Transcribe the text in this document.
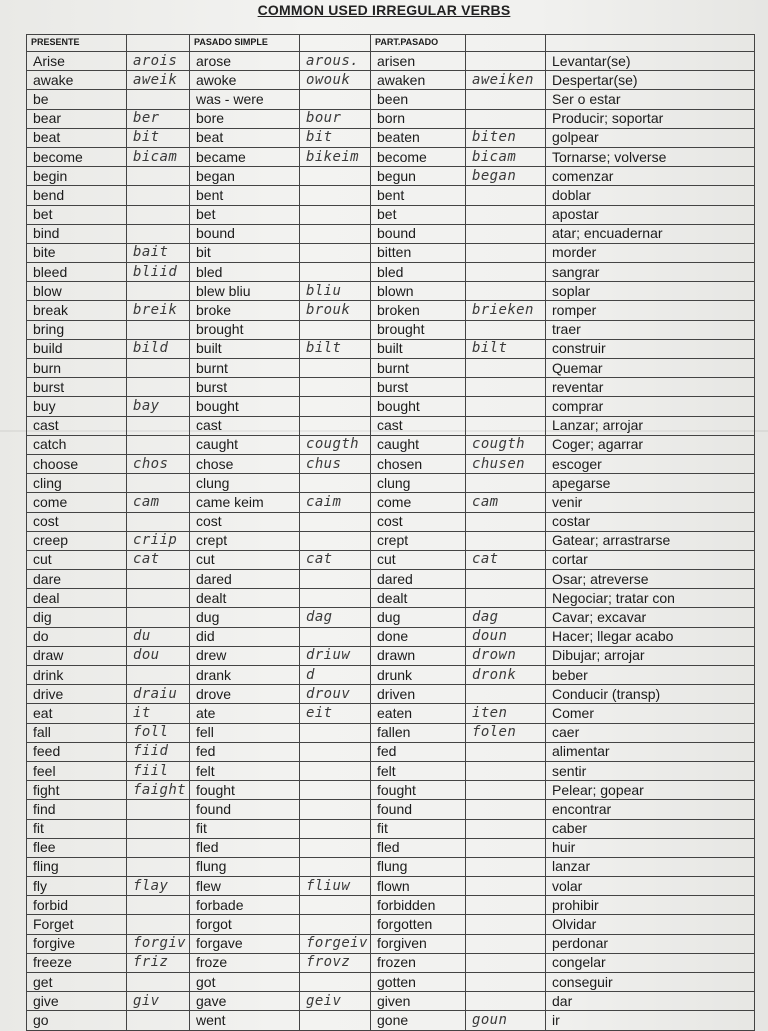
COMMON USED IRREGULAR VERBS
PRESENTE		PASADO SIMPLE		PART.PASADO		
Arise	arois	arose	arous.	arisen		Levantar(se)
awake	aweik	awoke	owouk	awaken	aweiken	Despertar(se)
be		was - were		been		Ser o estar
bear	ber	bore	bour	born		Producir; soportar
beat	bit	beat	bit	beaten	biten	golpear
become	bicam	became	bikeim	become	bicam	Tornarse; volverse
begin		began		begun	began	comenzar
bend		bent		bent		doblar
bet		bet		bet		apostar
bind		bound		bound		atar; encuadernar
bite	bait	bit		bitten		morder
bleed	bliid	bled		bled		sangrar
blow		blew bliu	bliu	blown		soplar
break	breik	broke	brouk	broken	brieken	romper
bring		brought		brought		traer
build	bild	built	bilt	built	bilt	construir
burn		burnt		burnt		Quemar
burst		burst		burst		reventar
buy	bay	bought		bought		comprar
cast		cast		cast		Lanzar; arrojar
catch		caught	cougth	caught	cougth	Coger; agarrar
choose	chos	chose	chus	chosen	chusen	escoger
cling		clung		clung		apegarse
come	cam	came keim	caim	come	cam	venir
cost		cost		cost		costar
creep	criip	crept		crept		Gatear; arrastrarse
cut	cat	cut	cat	cut	cat	cortar
dare		dared		dared		Osar; atreverse
deal		dealt		dealt		Negociar; tratar con
dig		dug	dag	dug	dag	Cavar; excavar
do	du	did		done	doun	Hacer; llegar acabo
draw	dou	drew	driuw	drawn	drown	Dibujar; arrojar
drink		drank	d	drunk	dronk	beber
drive	draiu	drove	drouv	driven		Conducir (transp)
eat	it	ate	eit	eaten	iten	Comer
fall	foll	fell		fallen	folen	caer
feed	fiid	fed		fed		alimentar
feel	fiil	felt		felt		sentir
fight	faight	fought		fought		Pelear; gopear
find		found		found		encontrar
fit		fit		fit		caber
flee		fled		fled		huir
fling		flung		flung		lanzar
fly	flay	flew	fliuw	flown		volar
forbid		forbade		forbidden		prohibir
Forget		forgot		forgotten		Olvidar
forgive	forgiv	forgave	forgeiv	forgiven		perdonar
freeze	friz	froze	frovz	frozen		congelar
get		got		gotten		conseguir
give	giv	gave	geiv	given		dar
go		went		gone	goun	ir
